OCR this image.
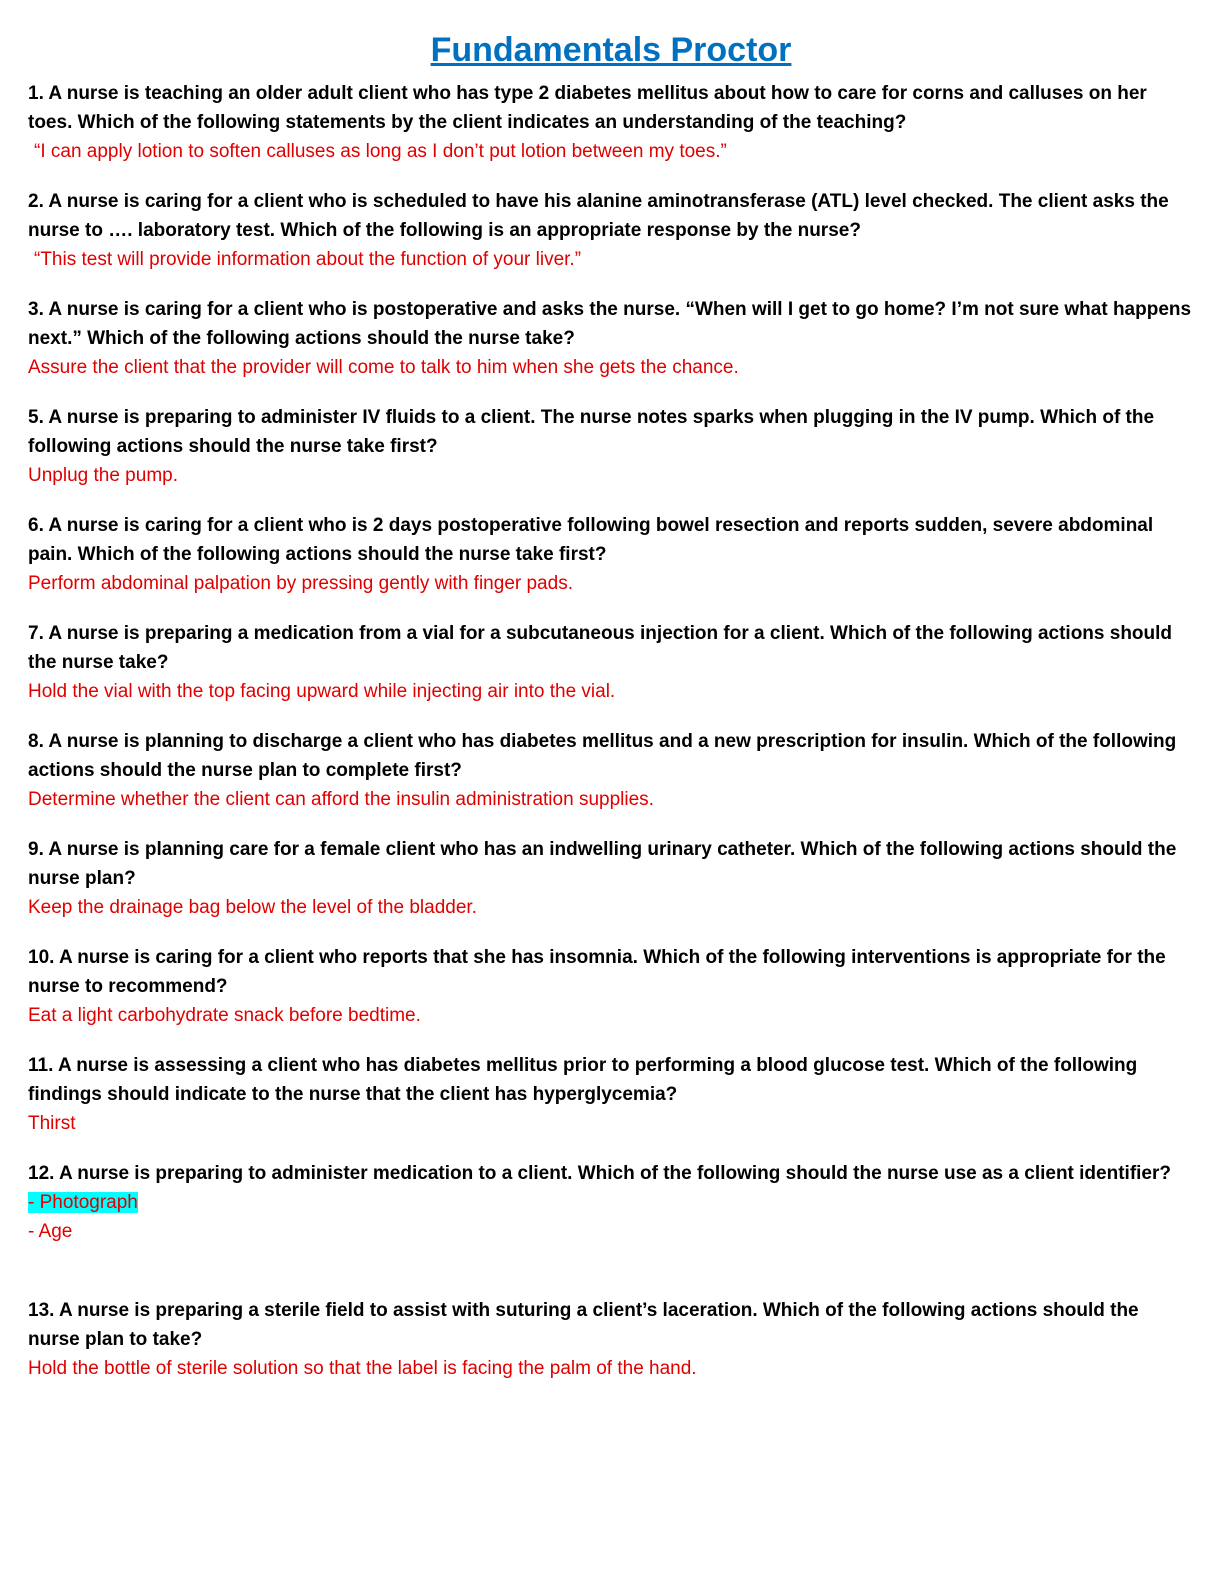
Fundamentals Proctor

1. A nurse is teaching an older adult client who has type 2 diabetes mellitus about how to care for corns and calluses on her toes. Which of the following statements by the client indicates an understanding of the teaching?

“I can apply lotion to soften calluses as long as I don’t put lotion between my toes.”

2. A nurse is caring for a client who is scheduled to have his alanine aminotransferase (ATL) level checked. The client asks the nurse to …. laboratory test. Which of the following is an appropriate response by the nurse?

“This test will provide information about the function of your liver.”

3. A nurse is caring for a client who is postoperative and asks the nurse. “When will I get to go home? I’m not sure what happens next.” Which of the following actions should the nurse take?

Assure the client that the provider will come to talk to him when she gets the chance.

5. A nurse is preparing to administer IV fluids to a client. The nurse notes sparks when plugging in the IV pump. Which of the following actions should the nurse take first?

Unplug the pump.

6. A nurse is caring for a client who is 2 days postoperative following bowel resection and reports sudden, severe abdominal pain. Which of the following actions should the nurse take first?

Perform abdominal palpation by pressing gently with finger pads.

7. A nurse is preparing a medication from a vial for a subcutaneous injection for a client. Which of the following actions should the nurse take?

Hold the vial with the top facing upward while injecting air into the vial.

8. A nurse is planning to discharge a client who has diabetes mellitus and a new prescription for insulin. Which of the following actions should the nurse plan to complete first?

Determine whether the client can afford the insulin administration supplies.

9. A nurse is planning care for a female client who has an indwelling urinary catheter. Which of the following actions should the nurse plan?

Keep the drainage bag below the level of the bladder.

10. A nurse is caring for a client who reports that she has insomnia. Which of the following interventions is appropriate for the nurse to recommend?

Eat a light carbohydrate snack before bedtime.

11. A nurse is assessing a client who has diabetes mellitus prior to performing a blood glucose test. Which of the following findings should indicate to the nurse that the client has hyperglycemia?

Thirst

12. A nurse is preparing to administer medication to a client. Which of the following should the nurse use as a client identifier?

- Photograph

- Age

13. A nurse is preparing a sterile field to assist with suturing a client’s laceration. Which of the following actions should the nurse plan to take?

Hold the bottle of sterile solution so that the label is facing the palm of the hand.
